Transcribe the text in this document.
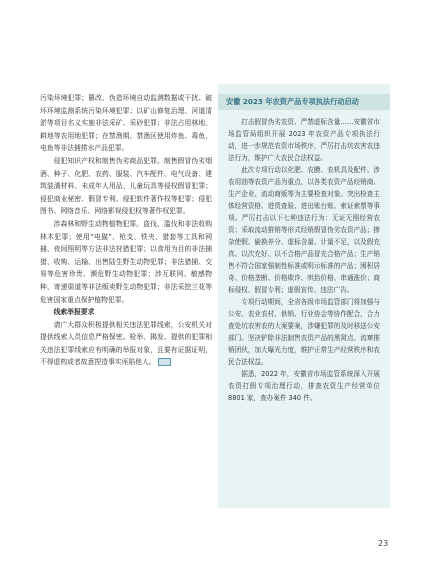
污染环境犯罪；篡改、伪造环境自动监测数据或干扰、破坏环境监测系统污染环境犯罪；以矿山修复治理、河道清淤等项目名义实施非法采矿、采砂犯罪；非法占用林地、耕地等农用地犯罪；在禁渔期、禁渔区使用炸鱼、毒鱼、电鱼等非法捕捞水产品犯罪。

侵犯知识产权和制售伪劣商品犯罪。制售假冒伪劣烟酒、种子、化肥、农药、服装、汽车配件、电气设备、建筑装潢材料、未成年人用品、儿童玩具等侵权假冒犯罪；侵犯商业秘密、假冒专利、侵犯软件著作权等犯罪；侵犯图书、网络音乐、网络影视侵犯权等著作权犯罪。

涉森林和野生动物植物犯罪。盗伐、滥伐和非法收购林木犯罪；使用“电猫”、枪支、铁夹、猎套等工具和网捕、夜间照明等方法非法狩猎犯罪；以食用为目的非法捕猎、收购、运输、出售陆生野生动物犯罪；非法猎捕、交易等危害珍贵、濒危野生动物犯罪；涉互联网、敏感物种、寄递渠道等非法贩卖野生动物犯罪；非法采挖兰花等危害国家重点保护植物犯罪。

线索举报要求

请广大群众积极提供相关违法犯罪线索，公安机关对提供线索人员信息严格保密。检举、揭发、提供的犯罪相关违法犯罪线索应有明确的举报对象，且要有证据证明，不得虚构或者故意捏造事实诬陷他人。

安徽 2023 年农资产品专项执法行动启动

打击假冒伪劣农资、严禁虚标含量……安徽省市场监管局组织开展 2023 年农资产品专项执法行动，进一步规范农资市场秩序，严厉打击坑农害农违法行为，维护广大农民合法权益。

此次专项行动以化肥、农膜、农机具及配件、涉农用油等农资产品为重点，以各类农资产品经销商、生产企业、流动商贩等为主要检查对象。突出检查主体经营资格、进货查验、进出账台账、索证索票等事项。严厉打击以下七种违法行为：无证无照经营农资；采取流动推销等形式经销假冒伪劣农资产品；掺杂使假、偷换养分、虚标含量、计量不足，以及假充真、以次充好、以不合格产品冒充合格产品；生产销售不符合国家强制性标准或明示标准的产品；囤积居奇、价格垄断、价格欺诈、哄抬价格、串通涨价；商标侵权、假冒专利；虚假宣传、违法广告。

专项行动期间，全省各级市场监管部门将加强与公安、农业农村、供销、行业协会等协作配合，合力查处坑农害农的大案要案，涉嫌犯罪的及时移送公安部门。坚决铲除非法制售农资产品的黑窝点、流窜推销团伙，加大曝光力度，维护正常生产经营秩序和农民合法权益。

据悉，2022 年，安徽省市场监管系统深入开展农资打假专项治理行动，排查农资生产经营单位 8801 家，查办案件 340 件。

23
